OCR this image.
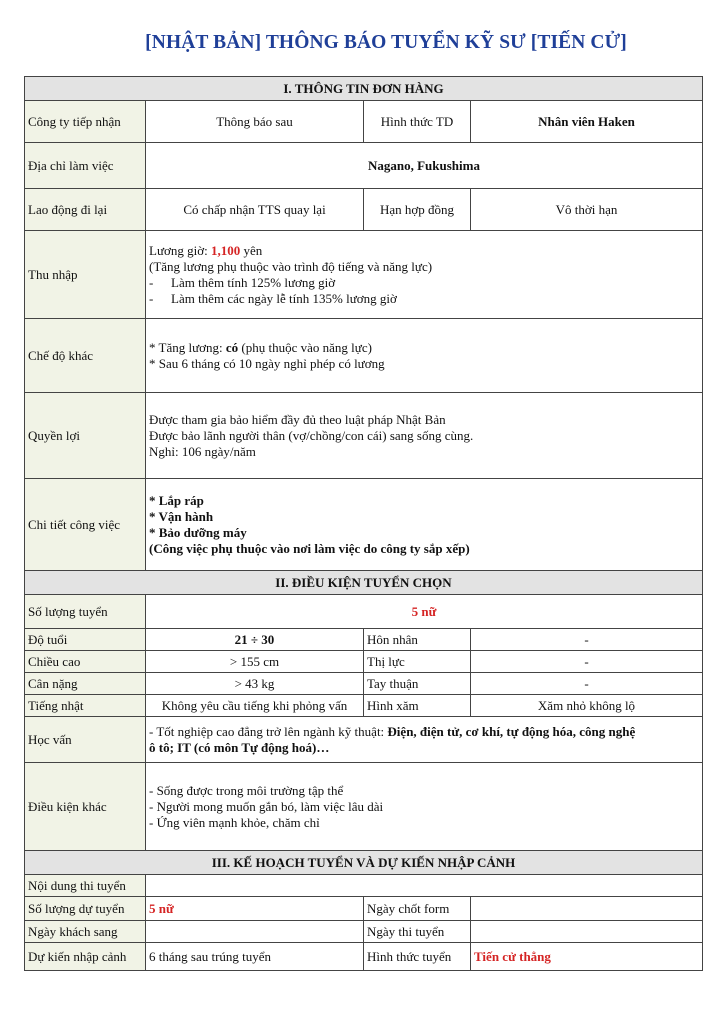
[NHẬT BẢN] THÔNG BÁO TUYỂN KỸ SƯ [TIẾN CỬ]
I. THÔNG TIN ĐƠN HÀNG			
Công ty tiếp nhận	Thông báo sau	Hình thức TD	Nhân viên Haken
Địa chỉ làm việc	Nagano, Fukushima		
Lao động đi lại	Có chấp nhận TTS quay lại	Hạn hợp đồng	Vô thời hạn
Thu nhập	Lương giờ: 1,100 yên
(Tăng lương phụ thuộc vào trình độ tiếng và năng lực)
- Làm thêm tính 125% lương giờ
- Làm thêm các ngày lễ tính 135% lương giờ		

Chế độ khác	* Tăng lương: có (phụ thuộc vào năng lực)
* Sau 6 tháng có 10 ngày nghỉ phép có lương		

Quyền lợi	Được tham gia bảo hiểm đầy đủ theo luật pháp Nhật Bản
Được bảo lãnh người thân (vợ/chồng/con cái) sang sống cùng.
Nghỉ: 106 ngày/năm		

Chi tiết công việc	* Lắp ráp
* Vận hành
* Bảo dưỡng máy
(Công việc phụ thuộc vào nơi làm việc do công ty sắp xếp)		

II. ĐIỀU KIỆN TUYỂN CHỌN			
Số lượng tuyển	5 nữ		
Độ tuổi	21 ÷ 30	Hôn nhân	-
Chiều cao	> 155 cm	Thị lực	-
Cân nặng	> 43 kg	Tay thuận	-
Tiếng nhật	Không yêu cầu tiếng khi phỏng vấn	Hình xăm	Xăm nhỏ không lộ
Học vấn	- Tốt nghiệp cao đẳng trở lên ngành kỹ thuật: Điện, điện tử, cơ khí, tự động hóa, công nghệ
ô tô; IT (có môn Tự động hoá)…		

Điều kiện khác	- Sống được trong môi trường tập thể
- Người mong muốn gắn bó, làm việc lâu dài
- Ứng viên mạnh khỏe, chăm chỉ		

III. KẾ HOẠCH TUYỂN VÀ DỰ KIẾN NHẬP CẢNH			
Nội dung thi tuyển			
Số lượng dự tuyển	5 nữ	Ngày chốt form	
Ngày khách sang		Ngày thi tuyển	
Dự kiến nhập cảnh	6 tháng sau trúng tuyển	Hình thức tuyển	Tiến cử thẳng
